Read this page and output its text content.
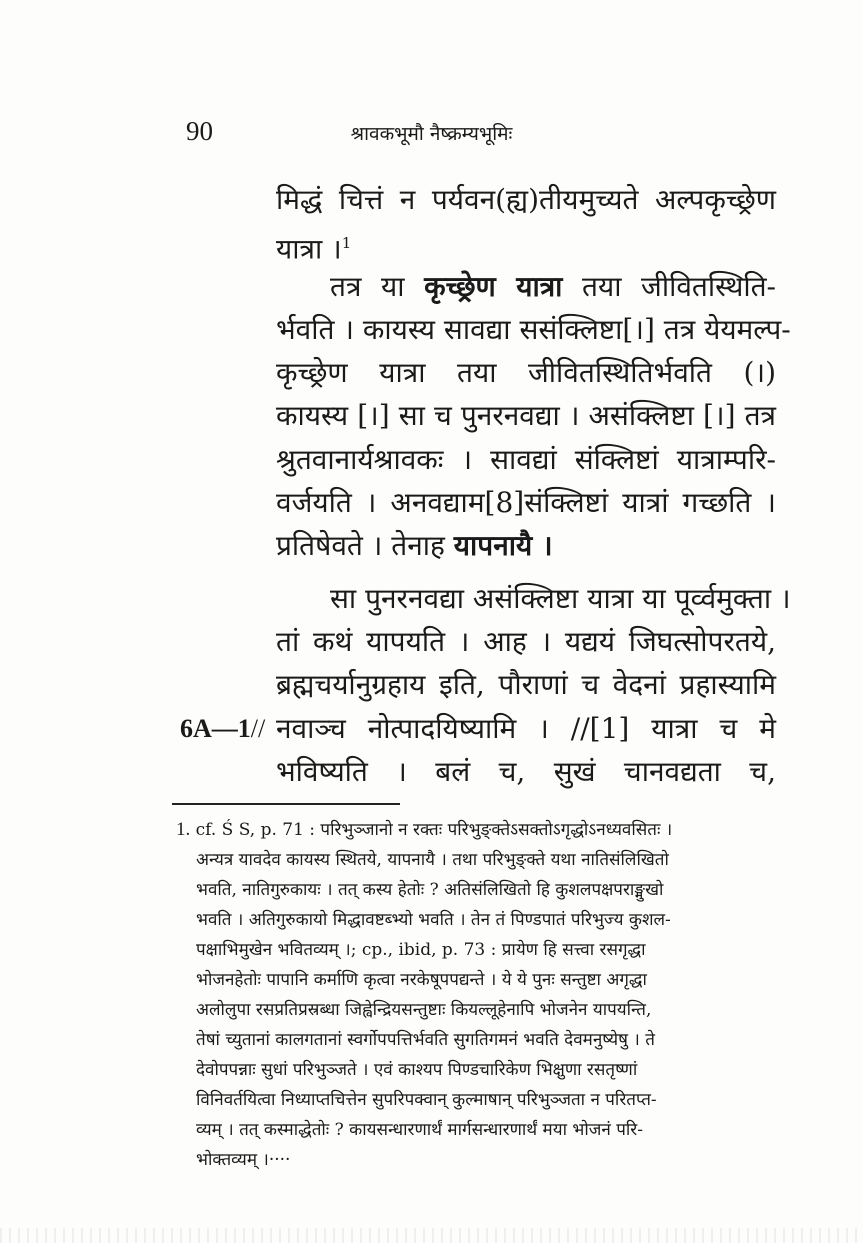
90	श्रावकभूमौ नैष्क्रम्यभूमिः
मिद्धं चित्तं न पर्यवन(ह्य)तीयमुच्यते अल्पकृच्छ्रेण
यात्रा ।$^1$
तत्र या कृच्छ्रेण यात्रा तया जीवितस्थिति-
र्भवति । कायस्य सावद्या ससंक्लिष्टा[।] तत्र येयमल्प-
कृच्छ्रेण यात्रा तया जीवितस्थितिर्भवति (।)
कायस्य [।] सा च पुनरनवद्या । असंक्लिष्टा [।] तत्र
श्रुतवानार्यश्रावकः । सावद्यां संक्लिष्टां यात्राम्परि-
वर्जयति । अनवद्याम[8]संक्लिष्टां यात्रां गच्छति ।
प्रतिषेवते । तेनाह यापनायै ।
सा पुनरनवद्या असंक्लिष्टा यात्रा या पूर्व्वमुक्ता ।
तां कथं यापयति । आह । यद्ययं जिघत्सोपरतये,
ब्रह्मचर्यानुग्रहाय इति, पौराणां च वेदनां प्रहास्यामि
6A—1// नवाञ्च नोत्पादयिष्यामि । //[1] यात्रा च मे
भविष्यति । बलं च, सुखं चानवद्यता च,
1. cf. Ś S, p. 71 : परिभुञ्जानो न रक्तः परिभुङ्क्तेऽसक्तोऽगृद्धोऽनध्यवसितः ।
अन्यत्र यावदेव कायस्य स्थितये, यापनायै । तथा परिभुङ्क्ते यथा नातिसंलिखितो
भवति, नातिगुरुकायः । तत् कस्य हेतोः ? अतिसंलिखितो हि कुशलपक्षपराङ्मुखो
भवति । अतिगुरुकायो मिद्धावष्टब्भ्यो भवति । तेन तं पिण्डपातं परिभुज्य कुशल-
पक्षाभिमुखेन भवितव्यम् ।; cp., ibid, p. 73 : प्रायेण हि सत्त्वा रसगृद्धा
भोजनहेतोः पापानि कर्माणि कृत्वा नरकेषूपपद्यन्ते । ये ये पुनः सन्तुष्टा अगृद्धा
अलोलुपा रसप्रतिप्रस्रब्धा जिह्वेन्द्रियसन्तुष्टाः कियल्लूहेनापि भोजनेन यापयन्ति,
तेषां च्युतानां कालगतानां स्वर्गोपपत्तिर्भवति सुगतिगमनं भवति देवमनुष्येषु । ते
देवोपपन्नाः सुधां परिभुञ्जते । एवं काश्यप पिण्डचारिकेण भिक्षुणा रसतृष्णां
विनिवर्तयित्वा निध्याप्तचित्तेन सुपरिपक्वान् कुल्माषान् परिभुञ्जता न परितप्त-
व्यम् । तत् कस्माद्धेतोः ? कायसन्धारणार्थं मार्गसन्धारणार्थं मया भोजनं परि-
भोक्तव्यम् ।····
